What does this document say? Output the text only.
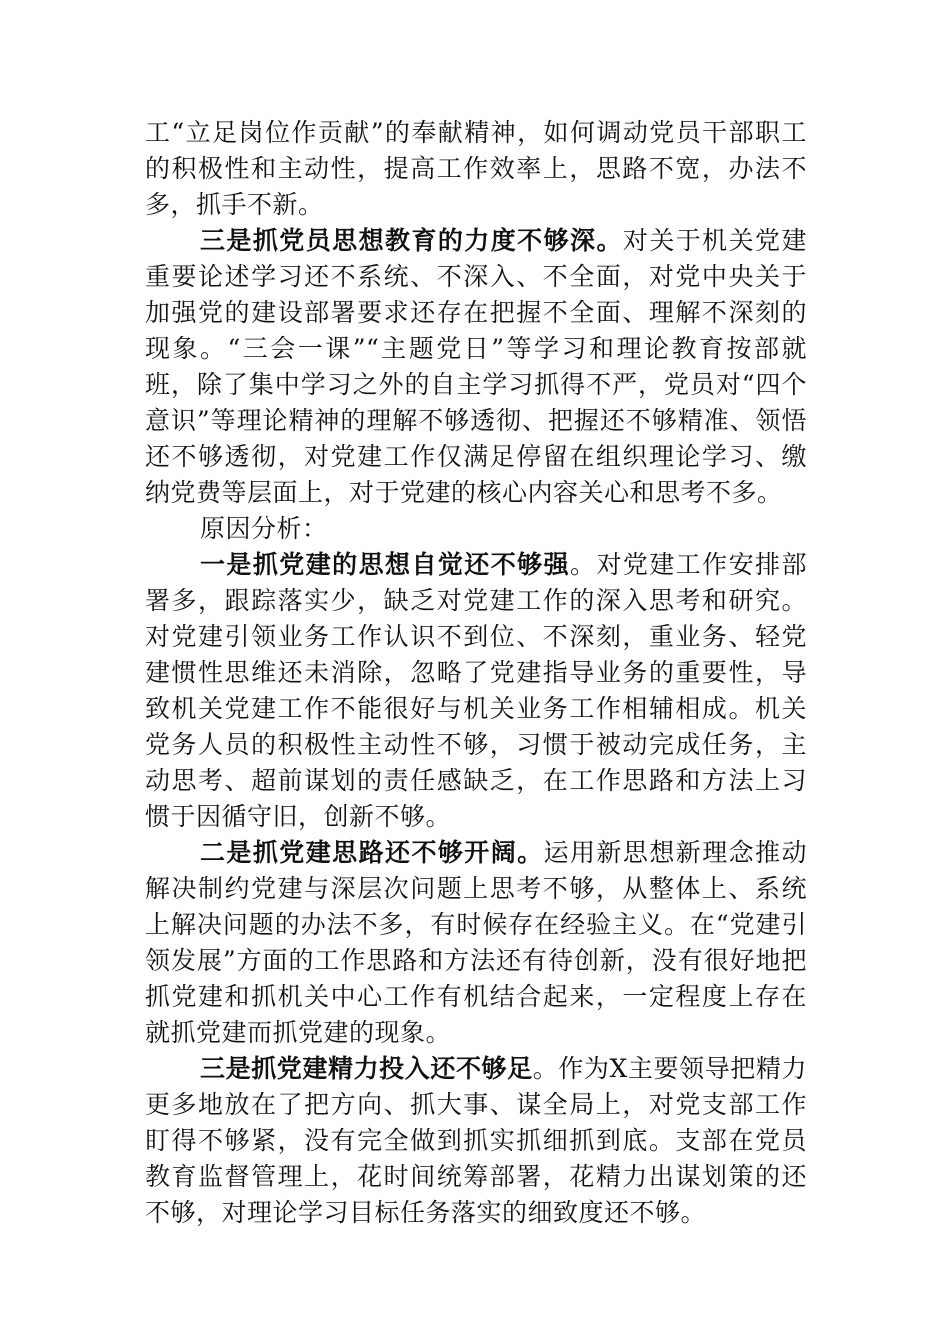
工“立足岗位作贡献”的奉献精神，如何调动党员干部职工的积极性和主动性，提高工作效率上，思路不宽，办法不多，抓手不新。

三是抓党员思想教育的力度不够深。对关于机关党建重要论述学习还不系统、不深入、不全面，对党中央关于加强党的建设部署要求还存在把握不全面、理解不深刻的现象。“三会一课”“主题党日”等学习和理论教育按部就班，除了集中学习之外的自主学习抓得不严，党员对“四个意识”等理论精神的理解不够透彻、把握还不够精准、领悟还不够透彻，对党建工作仅满足停留在组织理论学习、缴纳党费等层面上，对于党建的核心内容关心和思考不多。

原因分析：

一是抓党建的思想自觉还不够强。对党建工作安排部署多，跟踪落实少，缺乏对党建工作的深入思考和研究。对党建引领业务工作认识不到位、不深刻，重业务、轻党建惯性思维还未消除，忽略了党建指导业务的重要性，导致机关党建工作不能很好与机关业务工作相辅相成。机关党务人员的积极性主动性不够，习惯于被动完成任务，主动思考、超前谋划的责任感缺乏，在工作思路和方法上习惯于因循守旧，创新不够。

二是抓党建思路还不够开阔。运用新思想新理念推动解决制约党建与深层次问题上思考不够，从整体上、系统上解决问题的办法不多，有时候存在经验主义。在“党建引领发展”方面的工作思路和方法还有待创新，没有很好地把抓党建和抓机关中心工作有机结合起来，一定程度上存在就抓党建而抓党建的现象。

三是抓党建精力投入还不够足。作为X主要领导把精力更多地放在了把方向、抓大事、谋全局上，对党支部工作盯得不够紧，没有完全做到抓实抓细抓到底。支部在党员教育监督管理上，花时间统筹部署，花精力出谋划策的还不够，对理论学习目标任务落实的细致度还不够。
